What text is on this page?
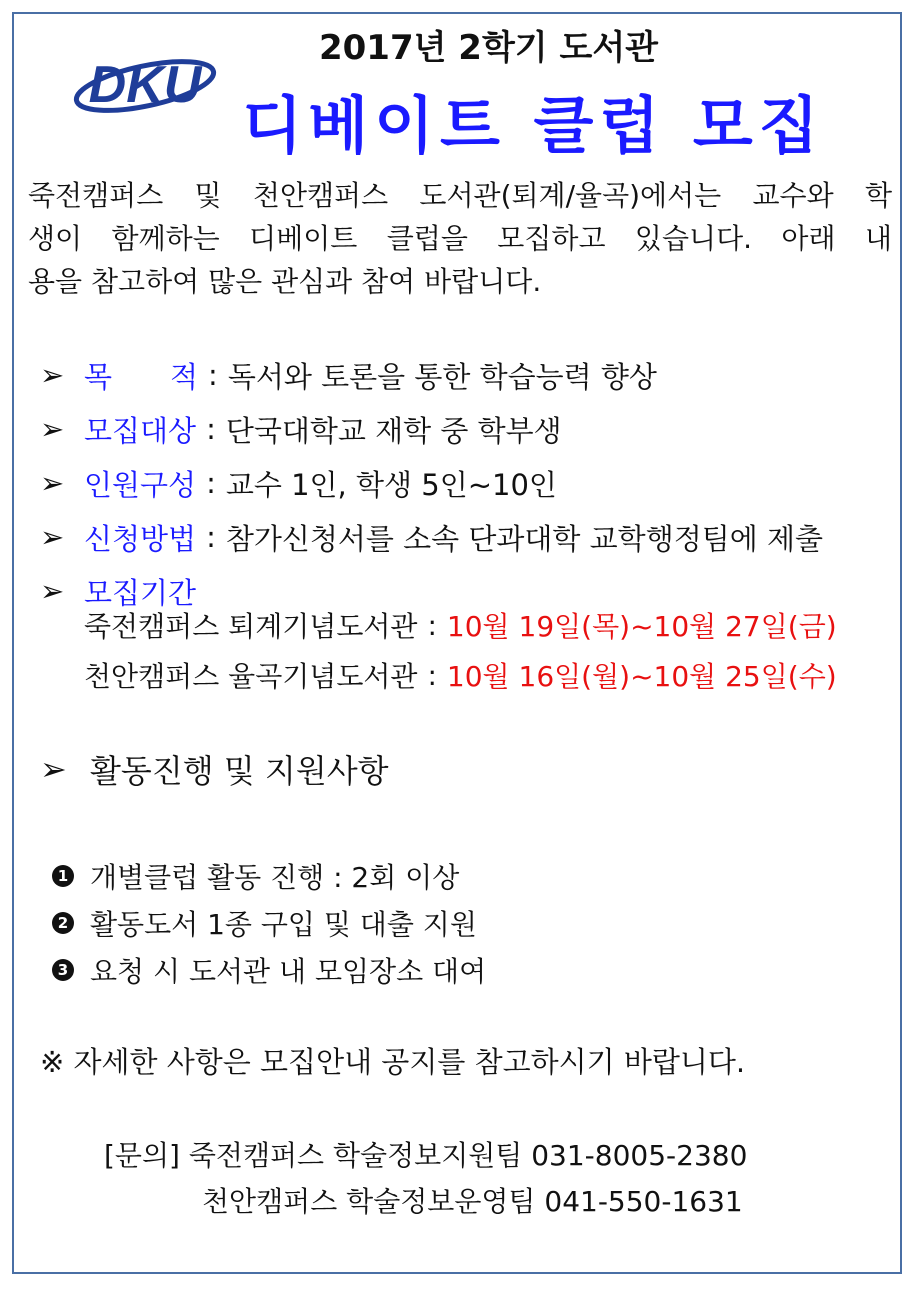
DKU
2017년 2학기 도서관
디베이트 클럽 모집
죽전캠퍼스 및 천안캠퍼스 도서관(퇴계/율곡)에서는 교수와 학
생이 함께하는 디베이트 클럽을 모집하고 있습니다. 아래 내
용을 참고하여 많은 관심과 참여 바랍니다.
➢ 목　　적 : 독서와 토론을 통한 학습능력 향상
➢ 모집대상 : 단국대학교 재학 중 학부생
➢ 인원구성 : 교수 1인, 학생 5인~10인
➢ 신청방법 : 참가신청서를 소속 단과대학 교학행정팀에 제출
➢ 모집기간
죽전캠퍼스 퇴계기념도서관 : 10월 19일(목)~10월 27일(금)
천안캠퍼스 율곡기념도서관 : 10월 16일(월)~10월 25일(수)
➢ 활동진행 및 지원사항
1 개별클럽 활동 진행 : 2회 이상
2 활동도서 1종 구입 및 대출 지원
3 요청 시 도서관 내 모임장소 대여
※ 자세한 사항은 모집안내 공지를 참고하시기 바랍니다.
[문의] 죽전캠퍼스 학술정보지원팀 031-8005-2380
천안캠퍼스 학술정보운영팀 041-550-1631
